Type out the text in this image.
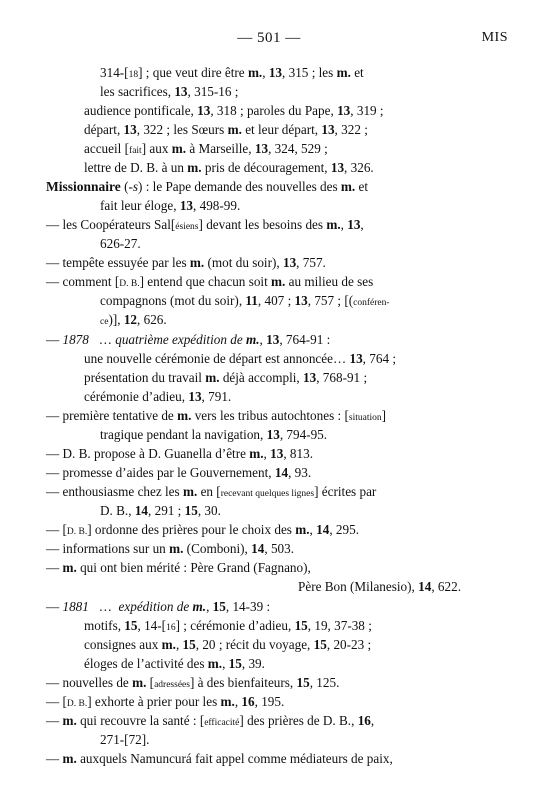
— 501 —	MIS
314-[18] ; que veut dire être m., 13, 315 ; les m. et
les sacrifices, 13, 315-16 ;
audience pontificale, 13, 318 ; paroles du Pape, 13, 319 ;
départ, 13, 322 ; les Sœurs m. et leur départ, 13, 322 ;
accueil [fait] aux m. à Marseille, 13, 324, 529 ;
lettre de D. B. à un m. pris de découragement, 13, 326.
Missionnaire (-s) : le Pape demande des nouvelles des m. et
fait leur éloge, 13, 498-99.
— les Coopérateurs Sal[ésiens] devant les besoins des m., 13,
626-27.
— tempête essuyée par les m. (mot du soir), 13, 757.
— comment [D. B.] entend que chacun soit m. au milieu de ses
compagnons (mot du soir), 11, 407 ; 13, 757 ; [(conféren-
ce)], 12, 626.
— 1878   … quatrième expédition de m., 13, 764-91 :
une nouvelle cérémonie de départ est annoncée… 13, 764 ;
présentation du travail m. déjà accompli, 13, 768-91 ;
cérémonie d’adieu, 13, 791.
— première tentative de m. vers les tribus autochtones : [situation]
tragique pendant la navigation, 13, 794-95.
— D. B. propose à D. Guanella d’être m., 13, 813.
— promesse d’aides par le Gouvernement, 14, 93.
— enthousiasme chez les m. en [recevant quelques lignes] écrites par
D. B., 14, 291 ; 15, 30.
— [D. B.] ordonne des prières pour le choix des m., 14, 295.
— informations sur un m. (Comboni), 14, 503.
— m. qui ont bien mérité : Père Grand (Fagnano),
Père Bon (Milanesio), 14, 622.
— 1881   …  expédition de m., 15, 14-39 :
motifs, 15, 14-[16] ; cérémonie d’adieu, 15, 19, 37-38 ;
consignes aux m., 15, 20 ; récit du voyage, 15, 20-23 ;
éloges de l’activité des m., 15, 39.
— nouvelles de m. [adressées] à des bienfaiteurs, 15, 125.
— [D. B.] exhorte à prier pour les m., 16, 195.
— m. qui recouvre la santé : [efficacité] des prières de D. B., 16,
271-[72].
— m. auxquels Namuncurá fait appel comme médiateurs de paix,
